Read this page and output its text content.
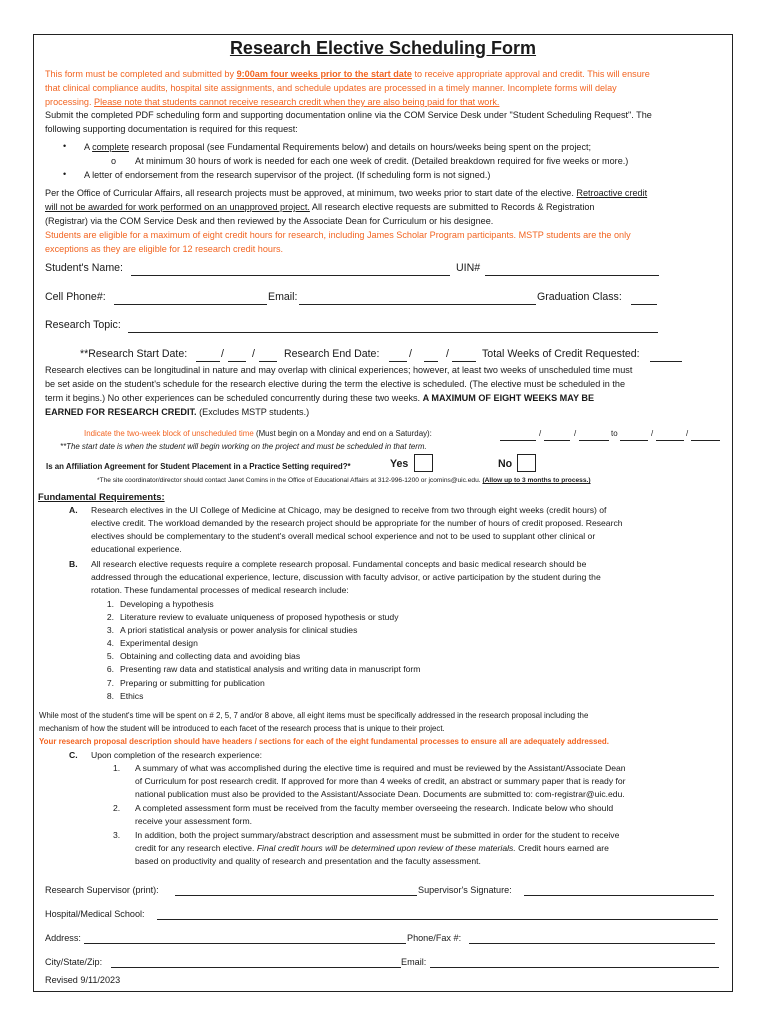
Research Elective Scheduling Form
This form must be completed and submitted by 9:00am four weeks prior to the start date to receive appropriate approval and credit. This will ensure
that clinical compliance audits, hospital site assignments, and schedule updates are processed in a timely manner. Incomplete forms will delay
processing. Please note that students cannot receive research credit when they are also being paid for that work.
Submit the completed PDF scheduling form and supporting documentation online via the COM Service Desk under "Student Scheduling Request". The
following supporting documentation is required for this request:
• A complete research proposal (see Fundamental Requirements below) and details on hours/weeks being spent on the project;
o At minimum 30 hours of work is needed for each one week of credit. (Detailed breakdown required for five weeks or more.)
• A letter of endorsement from the research supervisor of the project. (If scheduling form is not signed.)
Per the Office of Curricular Affairs, all research projects must be approved, at minimum, two weeks prior to start date of the elective. Retroactive credit
will not be awarded for work performed on an unapproved project. All research elective requests are submitted to Records & Registration
(Registrar) via the COM Service Desk and then reviewed by the Associate Dean for Curriculum or his designee.
Students are eligible for a maximum of eight credit hours for research, including James Scholar Program participants. MSTP students are the only
exceptions as they are eligible for 12 research credit hours.
Student's Name:	UIN#
Cell Phone#:	Email:	Graduation Class:
Research Topic:
**Research Start Date:	/	/	Research End Date:	/	/	Total Weeks of Credit Requested:
Research electives can be longitudinal in nature and may overlap with clinical experiences; however, at least two weeks of unscheduled time must
be set aside on the student's schedule for the research elective during the term the elective is scheduled. (The elective must be scheduled in the
term it begins.) No other experiences can be scheduled concurrently during these two weeks. A MAXIMUM OF EIGHT WEEKS MAY BE
EARNED FOR RESEARCH CREDIT. (Excludes MSTP students.)
Indicate the two-week block of unscheduled time (Must begin on a Monday and end on a Saturday):	/	/	to	/	/
**The start date is when the student will begin working on the project and must be scheduled in that term.
Is an Affiliation Agreement for Student Placement in a Practice Setting required?*	Yes	No
*The site coordinator/director should contact Janet Comins in the Office of Educational Affairs at 312-996-1200 or jcomins@uic.edu. (Allow up to 3 months to process.)
Fundamental Requirements:
A. Research electives in the UI College of Medicine at Chicago, may be designed to receive from two through eight weeks (credit hours) of
elective credit. The workload demanded by the research project should be appropriate for the number of hours of credit proposed. Research
electives should be complementary to the student's overall medical school experience and not to be used to supplant other clinical or
educational experience.
B. All research elective requests require a complete research proposal. Fundamental concepts and basic medical research should be
addressed through the educational experience, lecture, discussion with faculty advisor, or active participation by the student during the
rotation. These fundamental processes of medical research include:
1. Developing a hypothesis
2. Literature review to evaluate uniqueness of proposed hypothesis or study
3. A priori statistical analysis or power analysis for clinical studies
4. Experimental design
5. Obtaining and collecting data and avoiding bias
6. Presenting raw data and statistical analysis and writing data in manuscript form
7. Preparing or submitting for publication
8. Ethics
While most of the student's time will be spent on # 2, 5, 7 and/or 8 above, all eight items must be specifically addressed in the research proposal including the
mechanism of how the student will be introduced to each facet of the research process that is unique to their project.
Your research proposal description should have headers / sections for each of the eight fundamental processes to ensure all are adequately addressed.
C. Upon completion of the research experience:
1. A summary of what was accomplished during the elective time is required and must be reviewed by the Assistant/Associate Dean
of Curriculum for post research credit. If approved for more than 4 weeks of credit, an abstract or summary paper that is ready for
national publication must also be provided to the Assistant/Associate Dean. Documents are submitted to: com-registrar@uic.edu.
2. A completed assessment form must be received from the faculty member overseeing the research. Indicate below who should
receive your assessment form.
3. In addition, both the project summary/abstract description and assessment must be submitted in order for the student to receive
credit for any research elective. Final credit hours will be determined upon review of these materials. Credit hours earned are
based on productivity and quality of research and presentation and the faculty assessment.
Research Supervisor (print):	Supervisor's Signature:
Hospital/Medical School:
Address:	Phone/Fax #:
City/State/Zip:	Email:
Revised 9/11/2023
